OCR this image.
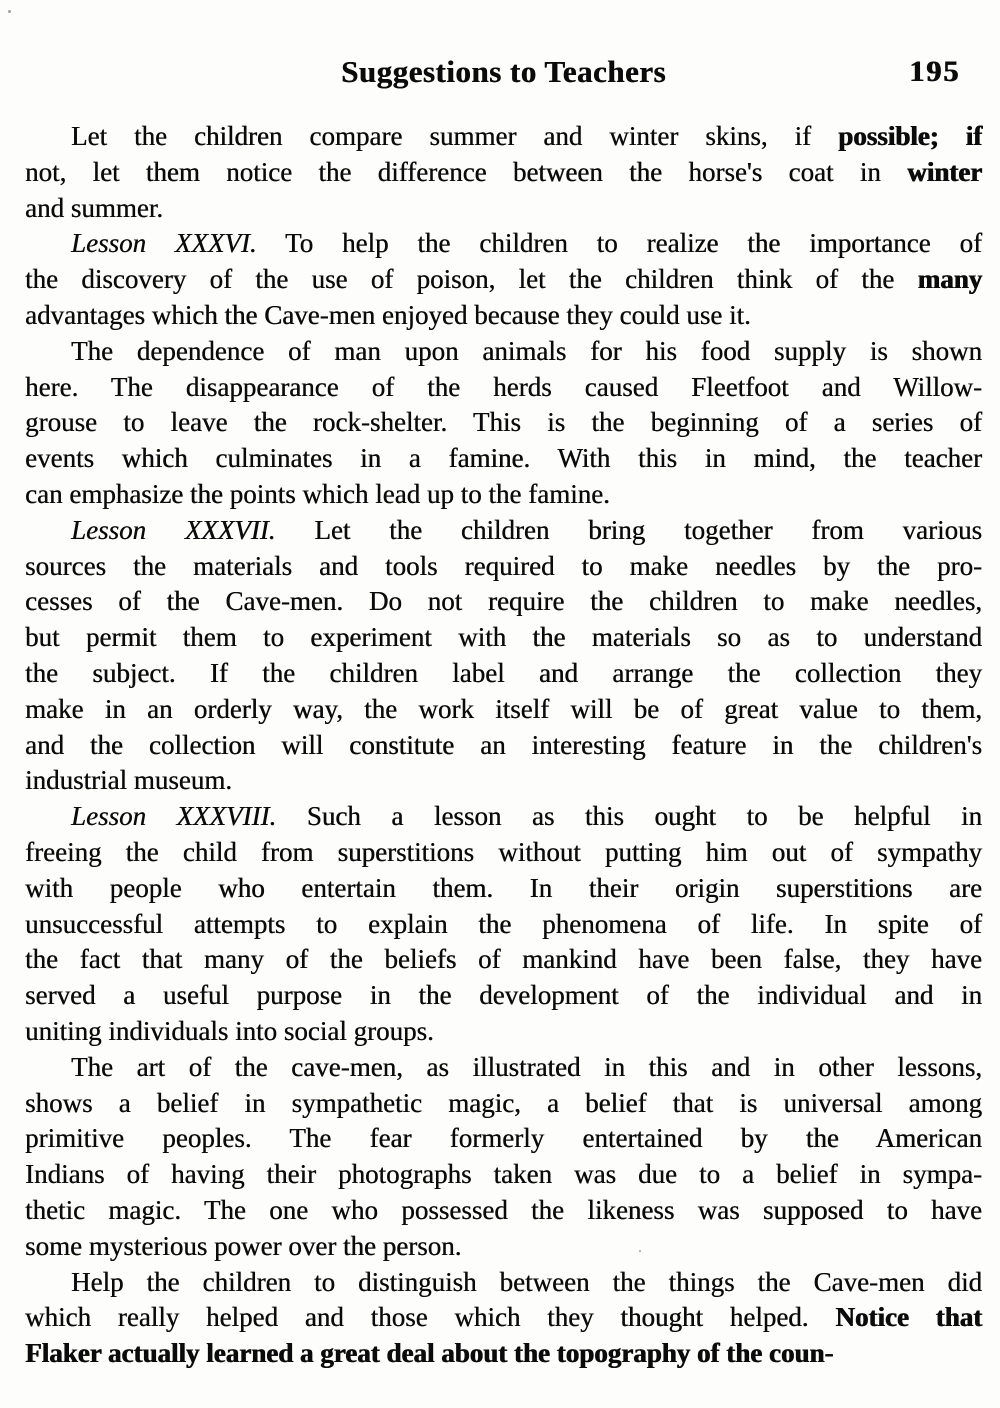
Suggestions to Teachers	195
Let the children compare summer and winter skins, if possible; if
not, let them notice the difference between the horse's coat in winter
and summer.
Lesson XXXVI. To help the children to realize the importance of
the discovery of the use of poison, let the children think of the many
advantages which the Cave-men enjoyed because they could use it.
The dependence of man upon animals for his food supply is shown
here. The disappearance of the herds caused Fleetfoot and Willow-
grouse to leave the rock-shelter. This is the beginning of a series of
events which culminates in a famine. With this in mind, the teacher
can emphasize the points which lead up to the famine.
Lesson XXXVII. Let the children bring together from various
sources the materials and tools required to make needles by the pro-
cesses of the Cave-men. Do not require the children to make needles,
but permit them to experiment with the materials so as to understand
the subject. If the children label and arrange the collection they
make in an orderly way, the work itself will be of great value to them,
and the collection will constitute an interesting feature in the children's
industrial museum.
Lesson XXXVIII. Such a lesson as this ought to be helpful in
freeing the child from superstitions without putting him out of sympathy
with people who entertain them. In their origin superstitions are
unsuccessful attempts to explain the phenomena of life. In spite of
the fact that many of the beliefs of mankind have been false, they have
served a useful purpose in the development of the individual and in
uniting individuals into social groups.
The art of the cave-men, as illustrated in this and in other lessons,
shows a belief in sympathetic magic, a belief that is universal among
primitive peoples. The fear formerly entertained by the American
Indians of having their photographs taken was due to a belief in sympa-
thetic magic. The one who possessed the likeness was supposed to have
some mysterious power over the person.
Help the children to distinguish between the things the Cave-men did
which really helped and those which they thought helped. Notice that
Flaker actually learned a great deal about the topography of the coun-
